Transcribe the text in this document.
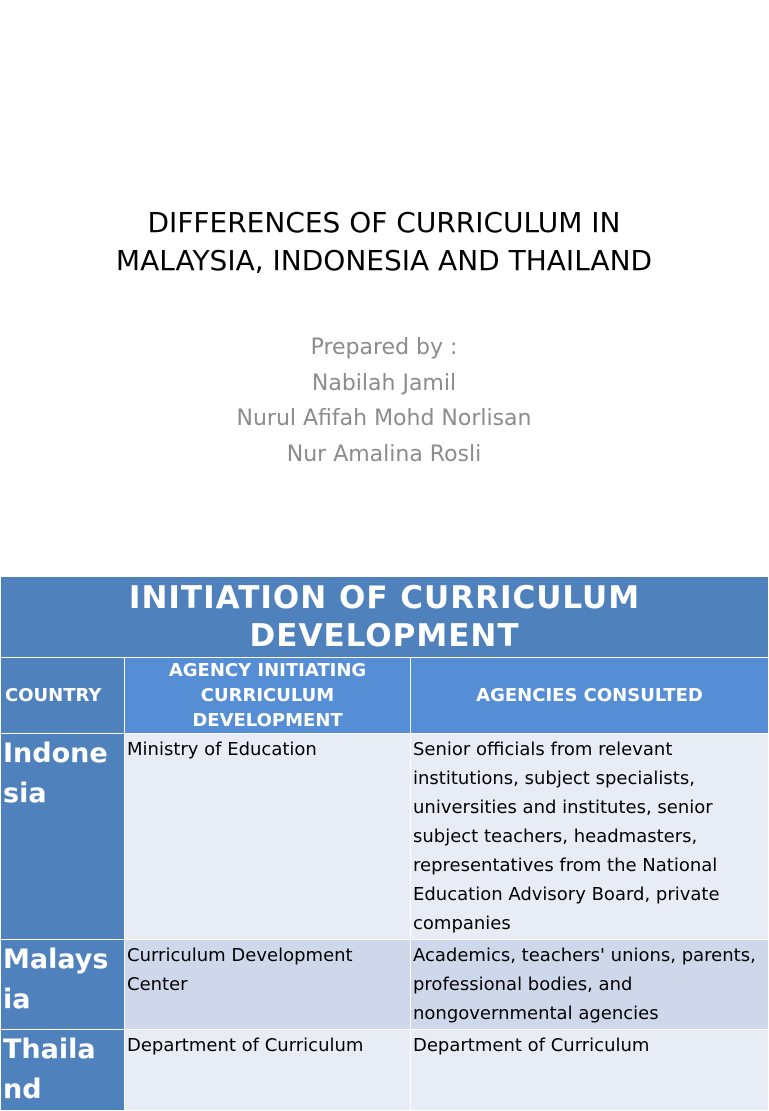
DIFFERENCES OF CURRICULUM IN
MALAYSIA, INDONESIA AND THAILAND
Prepared by :
Nabilah Jamil
Nurul Afifah Mohd Norlisan
Nur Amalina Rosli
INITIATION OF CURRICULUM
DEVELOPMENT		

COUNTRY	AGENCY INITIATING CURRICULUM DEVELOPMENT	AGENCIES CONSULTED

Indone
sia	Ministry of Education	Senior officials from relevant institutions, subject specialists, universities and institutes, senior subject teachers, headmasters, representatives from the National Education Advisory Board, private companies

Malays
ia	Curriculum Development Center	Academics, teachers' unions, parents, professional bodies, and nongovernmental agencies

Thaila
nd	Department of Curriculum	Department of Curriculum
